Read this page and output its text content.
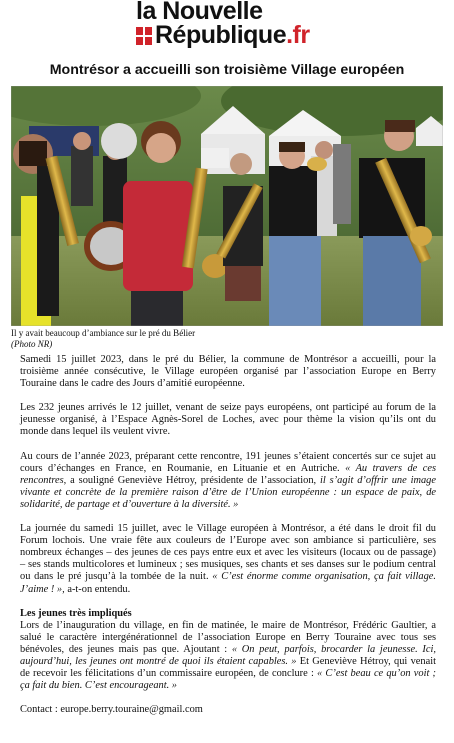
la Nouvelle
République.fr
Montrésor a accueilli son troisième Village européen
Il y avait beaucoup d’ambiance sur le pré du Bélier
(Photo NR)

Samedi 15 juillet 2023, dans le pré du Bélier, la commune de Montrésor a accueilli, pour la troisième année consécutive, le Village européen organisé par l’association Europe en Berry Touraine dans le cadre des Jours d’amitié européenne.

Les 232 jeunes arrivés le 12 juillet, venant de seize pays européens, ont participé au forum de la jeunesse organisé, à l’Espace Agnès-Sorel de Loches, avec pour thème la vision qu’ils ont du monde dans lequel ils veulent vivre.

Au cours de l’année 2023, préparant cette rencontre, 191 jeunes s’étaient concertés sur ce sujet au cours d’échanges en France, en Roumanie, en Lituanie et en Autriche. « Au travers de ces rencontres, a souligné Geneviève Hétroy, présidente de l’association, il s’agit d’offrir une image vivante et concrète de la première raison d’être de l’Union européenne : un espace de paix, de solidarité, de partage et d’ouverture à la diversité. »

La journée du samedi 15 juillet, avec le Village européen à Montrésor, a été dans le droit fil du Forum lochois. Une vraie fête aux couleurs de l’Europe avec son ambiance si particulière, ses nombreux échanges – des jeunes de ces pays entre eux et avec les visiteurs (locaux ou de passage) – ses stands multicolores et lumineux ; ses musiques, ses chants et ses danses sur le podium central ou dans le pré jusqu’à la tombée de la nuit. « C’est énorme comme organisation, ça fait village. J’aime ! », a-t-on entendu.

Les jeunes très impliqués

Lors de l’inauguration du village, en fin de matinée, le maire de Montrésor, Frédéric Gaultier, a salué le caractère intergénérationnel de l’association Europe en Berry Touraine avec tous ses bénévoles, des jeunes mais pas que. Ajoutant : « On peut, parfois, brocarder la jeunesse. Ici, aujourd’hui, les jeunes ont montré de quoi ils étaient capables. » Et Geneviève Hétroy, qui venait de recevoir les félicitations d’un commissaire européen, de conclure : « C’est beau ce qu’on voit ; ça fait du bien. C’est encourageant. »

Contact : europe.berry.touraine@gmail.com
